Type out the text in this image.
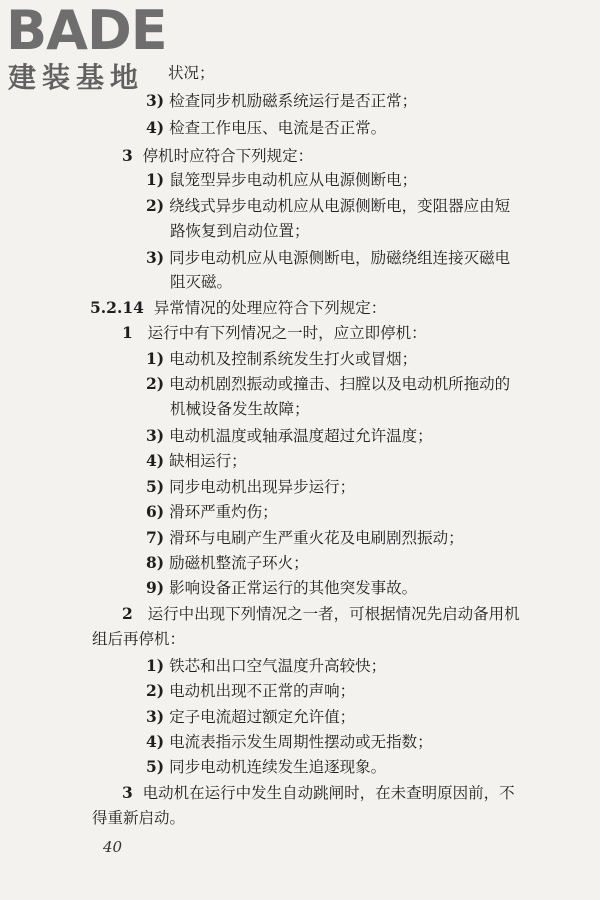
BADE
建装基地 状况；
3) 检查同步机励磁系统运行是否正常；
4) 检查工作电压、电流是否正常。
3 停机时应符合下列规定：
1) 鼠笼型异步电动机应从电源侧断电；
2) 绕线式异步电动机应从电源侧断电，变阻器应由短
路恢复到启动位置；
3) 同步电动机应从电源侧断电，励磁绕组连接灭磁电
阻灭磁。
5.2.14 异常情况的处理应符合下列规定：
1 运行中有下列情况之一时，应立即停机：
1) 电动机及控制系统发生打火或冒烟；
2) 电动机剧烈振动或撞击、扫膛以及电动机所拖动的
机械设备发生故障；
3) 电动机温度或轴承温度超过允许温度；
4) 缺相运行；
5) 同步电动机出现异步运行；
6) 滑环严重灼伤；
7) 滑环与电刷产生严重火花及电刷剧烈振动；
8) 励磁机整流子环火；
9) 影响设备正常运行的其他突发事故。
2 运行中出现下列情况之一者，可根据情况先启动备用机
组后再停机：
1) 铁芯和出口空气温度升高较快；
2) 电动机出现不正常的声响；
3) 定子电流超过额定允许值；
4) 电流表指示发生周期性摆动或无指数；
5) 同步电动机连续发生追逐现象。
3 电动机在运行中发生自动跳闸时，在未查明原因前，不
得重新启动。
40
